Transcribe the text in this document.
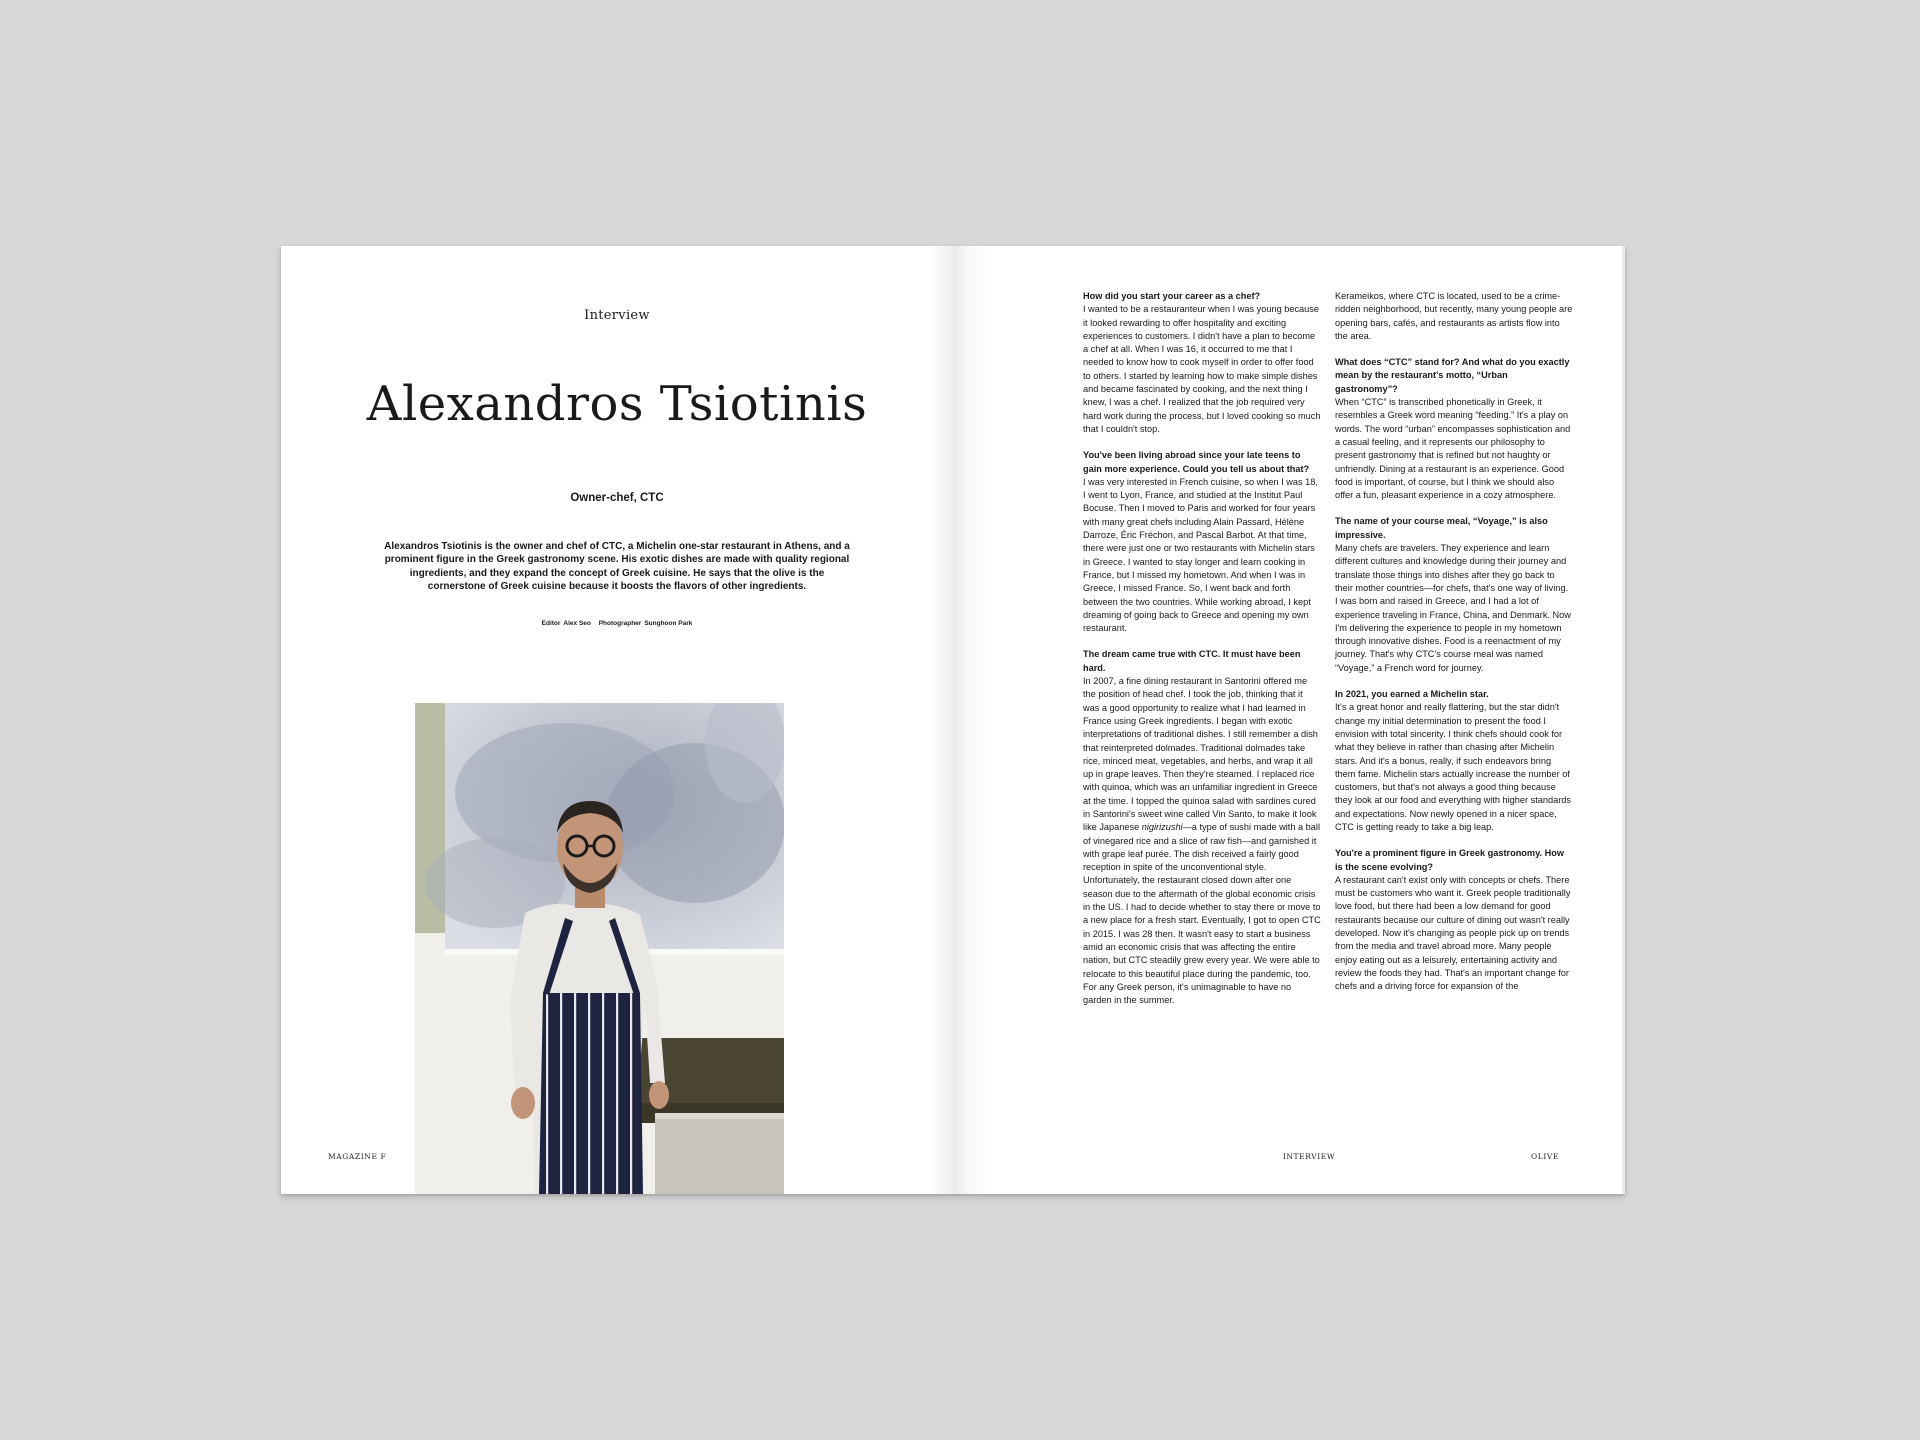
Interview
Alexandros Tsiotinis
Owner-chef, CTC

Alexandros Tsiotinis is the owner and chef of CTC, a Michelin one-star restaurant in Athens, and a prominent figure in the Greek gastronomy scene. His exotic dishes are made with quality regional ingredients, and they expand the concept of Greek cuisine. He says that the olive is the cornerstone of Greek cuisine because it boosts the flavors of other ingredients.

Editor Alex Seo Photographer Sunghoon Park
MAGAZINE F

How did you start your career as a chef?

I wanted to be a restauranteur when I was young because it looked rewarding to offer hospitality and exciting experiences to customers. I didn't have a plan to become a chef at all. When I was 16, it occurred to me that I needed to know how to cook myself in order to offer food to others. I started by learning how to make simple dishes and became fascinated by cooking, and the next thing I knew, I was a chef. I realized that the job required very hard work during the process, but I loved cooking so much that I couldn't stop.

You've been living abroad since your late teens to gain more experience. Could you tell us about that?

I was very interested in French cuisine, so when I was 18, I went to Lyon, France, and studied at the Institut Paul Bocuse. Then I moved to Paris and worked for four years with many great chefs including Alain Passard, Hélène Darroze, Éric Fréchon, and Pascal Barbot. At that time, there were just one or two restaurants with Michelin stars in Greece. I wanted to stay longer and learn cooking in France, but I missed my hometown. And when I was in Greece, I missed France. So, I went back and forth between the two countries. While working abroad, I kept dreaming of going back to Greece and opening my own restaurant.

The dream came true with CTC. It must have been hard.

In 2007, a fine dining restaurant in Santorini offered me the position of head chef. I took the job, thinking that it was a good opportunity to realize what I had learned in France using Greek ingredients. I began with exotic interpretations of traditional dishes. I still remember a dish that reinterpreted dolmades. Traditional dolmades take rice, minced meat, vegetables, and herbs, and wrap it all up in grape leaves. Then they're steamed. I replaced rice with quinoa, which was an unfamiliar ingredient in Greece at the time. I topped the quinoa salad with sardines cured in Santorini's sweet wine called Vin Santo, to make it look like Japanese nigirizushi—a type of sushi made with a ball of vinegared rice and a slice of raw fish—and garnished it with grape leaf purée. The dish received a fairly good reception in spite of the unconventional style. Unfortunately, the restaurant closed down after one season due to the aftermath of the global economic crisis in the US. I had to decide whether to stay there or move to a new place for a fresh start. Eventually, I got to open CTC in 2015. I was 28 then. It wasn't easy to start a business amid an economic crisis that was affecting the entire nation, but CTC steadily grew every year. We were able to relocate to this beautiful place during the pandemic, too. For any Greek person, it's unimaginable to have no garden in the summer.

Kerameikos, where CTC is located, used to be a crime-ridden neighborhood, but recently, many young people are opening bars, cafés, and restaurants as artists flow into the area.

What does “CTC” stand for? And what do you exactly mean by the restaurant's motto, “Urban gastronomy”?

When “CTC” is transcribed phonetically in Greek, it resembles a Greek word meaning “feeding.” It's a play on words. The word “urban” encompasses sophistication and a casual feeling, and it represents our philosophy to present gastronomy that is refined but not haughty or unfriendly. Dining at a restaurant is an experience. Good food is important, of course, but I think we should also offer a fun, pleasant experience in a cozy atmosphere.

The name of your course meal, “Voyage,” is also impressive.

Many chefs are travelers. They experience and learn different cultures and knowledge during their journey and translate those things into dishes after they go back to their mother countries—for chefs, that's one way of living. I was born and raised in Greece, and I had a lot of experience traveling in France, China, and Denmark. Now I'm delivering the experience to people in my hometown through innovative dishes. Food is a reenactment of my journey. That's why CTC's course meal was named “Voyage,” a French word for journey.

In 2021, you earned a Michelin star.

It's a great honor and really flattering, but the star didn't change my initial determination to present the food I envision with total sincerity. I think chefs should cook for what they believe in rather than chasing after Michelin stars. And it's a bonus, really, if such endeavors bring them fame. Michelin stars actually increase the number of customers, but that's not always a good thing because they look at our food and everything with higher standards and expectations. Now newly opened in a nicer space, CTC is getting ready to take a big leap.

You're a prominent figure in Greek gastronomy. How is the scene evolving?

A restaurant can't exist only with concepts or chefs. There must be customers who want it. Greek people traditionally love food, but there had been a low demand for good restaurants because our culture of dining out wasn't really developed. Now it's changing as people pick up on trends from the media and travel abroad more. Many people enjoy eating out as a leisurely, entertaining activity and review the foods they had. That's an important change for chefs and a driving force for expansion of the

INTERVIEW	OLIVE
